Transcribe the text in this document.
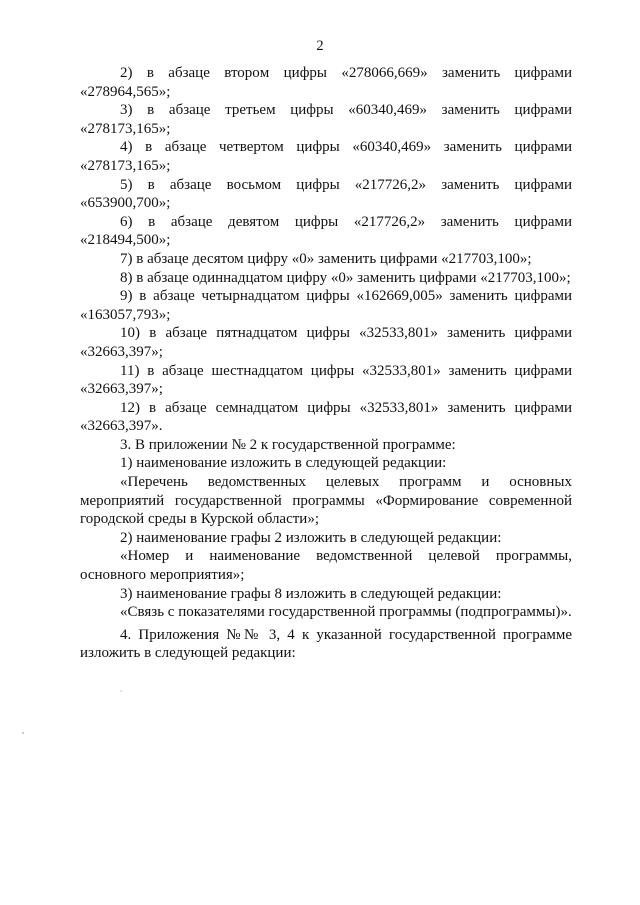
2

2) в абзаце вторoм цифры «278066,669» заменить цифрами «278964,565»;

3) в абзаце третьем цифры «60340,469» заменить цифрами «278173,165»;

4) в абзаце четвертом цифры «60340,469» заменить цифрами «278173,165»;

5) в абзаце восьмом цифры «217726,2» заменить цифрами «653900,700»;

6) в абзаце девятом цифры «217726,2» заменить цифрами «218494,500»;

7) в абзаце десятом цифру «0» заменить цифрами «217703,100»;

8) в абзаце одиннадцатом цифру «0» заменить цифрами «217703,100»;

9) в абзаце четырнадцатом цифры «162669,005» заменить цифрами «163057,793»;

10) в абзаце пятнадцатом цифры «32533,801» заменить цифрами «32663,397»;

11) в абзаце шестнадцатом цифры «32533,801» заменить цифрами «32663,397»;

12) в абзаце семнадцатом цифры «32533,801» заменить цифрами «32663,397».

3. В приложении № 2 к государственной программе:

1) наименование изложить в следующей редакции:

«Перечень ведомственных целевых программ и основных мероприятий государственной программы «Формирование современной городской среды в Курской области»;

2) наименование графы 2 изложить в следующей редакции:

«Номер и наименование ведомственной целевой программы, основного мероприятия»;

3) наименование графы 8 изложить в следующей редакции:

«Связь с показателями государственной программы (подпрограммы)».

4. Приложения №№ 3, 4 к указанной государственной программе изложить в следующей редакции:
